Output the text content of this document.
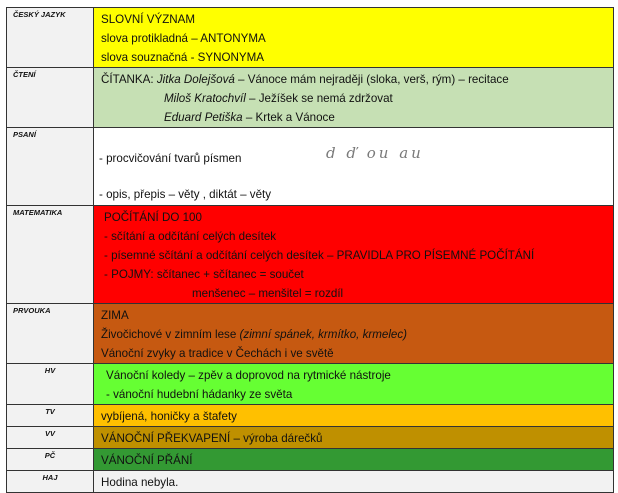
ČESKÝ JAZYK	SLOVNÍ VÝZNAM
slova protikladná – ANTONYMA
slova souznačná - SYNONYMA

ČTENÍ	ČÍTANKA: Jitka Dolejšová – Vánoce mám nejraději (sloka, verš, rým) – recitace
Miloš Kratochvíl – Ježíšek se nemá zdržovat
Eduard Petiška – Krtek a Vánoce

PSANÍ	- procvičování tvarů písmen d ď ou au
- opis, přepis – věty , diktát – věty

MATEMATIKA	POČÍTÁNÍ DO 100
- sčítání a odčítání celých desítek
- písemné sčítání a odčítání celých desítek – PRAVIDLA PRO PÍSEMNÉ POČÍTÁNÍ
- POJMY: sčítanec + sčítanec = součet
menšenec – menšitel = rozdíl

PRVOUKA	ZIMA
Živočichové v zimním lese (zimní spánek, krmítko, krmelec)
Vánoční zvyky a tradice v Čechách i ve světě

HV	Vánoční koledy – zpěv a doprovod na rytmické nástroje
- vánoční hudební hádanky ze světa

TV	vybíjená, honičky a štafety

VV	VÁNOČNÍ PŘEKVAPENÍ – výroba dárečků

PČ	VÁNOČNÍ PŘÁNÍ

HAJ	Hodina nebyla.
